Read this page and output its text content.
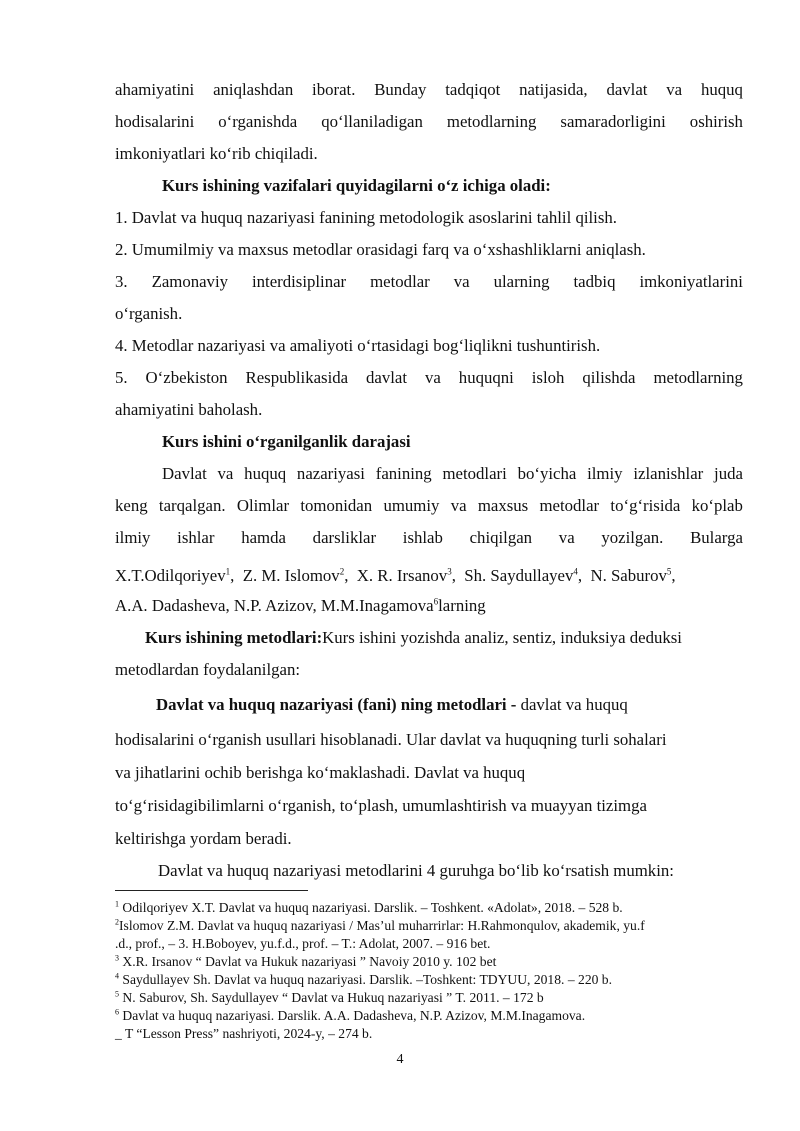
ahamiyatini aniqlashdan iborat. Bunday tadqiqot natijasida, davlat va huquq
hodisalarini o‘rganishda qo‘llaniladigan metodlarning samaradorligini oshirish
imkoniyatlari ko‘rib chiqiladi.
Kurs ishining vazifalari quyidagilarni o‘z ichiga oladi:
1. Davlat va huquq nazariyasi fanining metodologik asoslarini tahlil qilish.
2. Umumilmiy va maxsus metodlar orasidagi farq va o‘xshashliklarni aniqlash.
3. Zamonaviy interdisiplinar metodlar va ularning tadbiq imkoniyatlarini
o‘rganish.
4. Metodlar nazariyasi va amaliyoti o‘rtasidagi bog‘liqlikni tushuntirish.
5. O‘zbekiston Respublikasida davlat va huquqni isloh qilishda metodlarning
ahamiyatini baholash.
Kurs ishini o‘rganilganlik darajasi
Davlat va huquq nazariyasi fanining metodlari bo‘yicha ilmiy izlanishlar juda
keng tarqalgan. Olimlar tomonidan umumiy va maxsus metodlar to‘g‘risida ko‘plab
ilmiy ishlar hamda darsliklar ishlab chiqilgan va yozilgan. Bularga
X.T.Odilqoriyev$^1$,  Z. M. Islomov$^2$,  X. R. Irsanov$^3$,  Sh. Saydullayev$^4$,  N. Saburov$^5$,
A.A. Dadasheva, N.P. Azizov, M.M.Inagamova$^6$larning
Kurs ishining metodlari:Kurs ishini yozishda analiz, sentiz, induksiya deduksi
metodlardan foydalanilgan:
Davlat va huquq nazariyasi (fani) ning metodlari - davlat va huquq
hodisalarini o‘rganish usullari hisoblanadi. Ular davlat va huquqning turli sohalari
va jihatlarini ochib berishga ko‘maklashadi. Davlat va huquq
to‘g‘risidagibilimlarni o‘rganish, to‘plash, umumlashtirish va muayyan tizimga
keltirishga yordam beradi.
Davlat va huquq nazariyasi metodlarini 4 guruhga bo‘lib ko‘rsatish mumkin:
$^1$ Odilqoriyev X.T. Davlat va huquq nazariyasi. Darslik. – Toshkent. «Adolat», 2018. – 528 b.
$^2$Islomov Z.M. Davlat va huquq nazariyasi / Mas’ul muharrirlar: H.Rahmonqulov, akademik, yu.f
.d., prof., – 3. H.Boboyev, yu.f.d., prof. – T.: Adolat, 2007. – 916 bet.
$^3$ X.R. Irsanov “ Davlat va Hukuk nazariyasi ” Navoiy 2010 y. 102 bet
$^4$ Saydullayev Sh. Davlat va huquq nazariyasi. Darslik. –Toshkent: TDYUU, 2018. – 220 b.
$^5$ N. Saburov, Sh. Saydullayev “ Davlat va Hukuq nazariyasi ” T. 2011. – 172 b
$^6$ Davlat va huquq nazariyasi. Darslik. A.A. Dadasheva, N.P. Azizov, M.M.Inagamova.
_ T “Lesson Press” nashriyoti, 2024-y, – 274 b.
4
